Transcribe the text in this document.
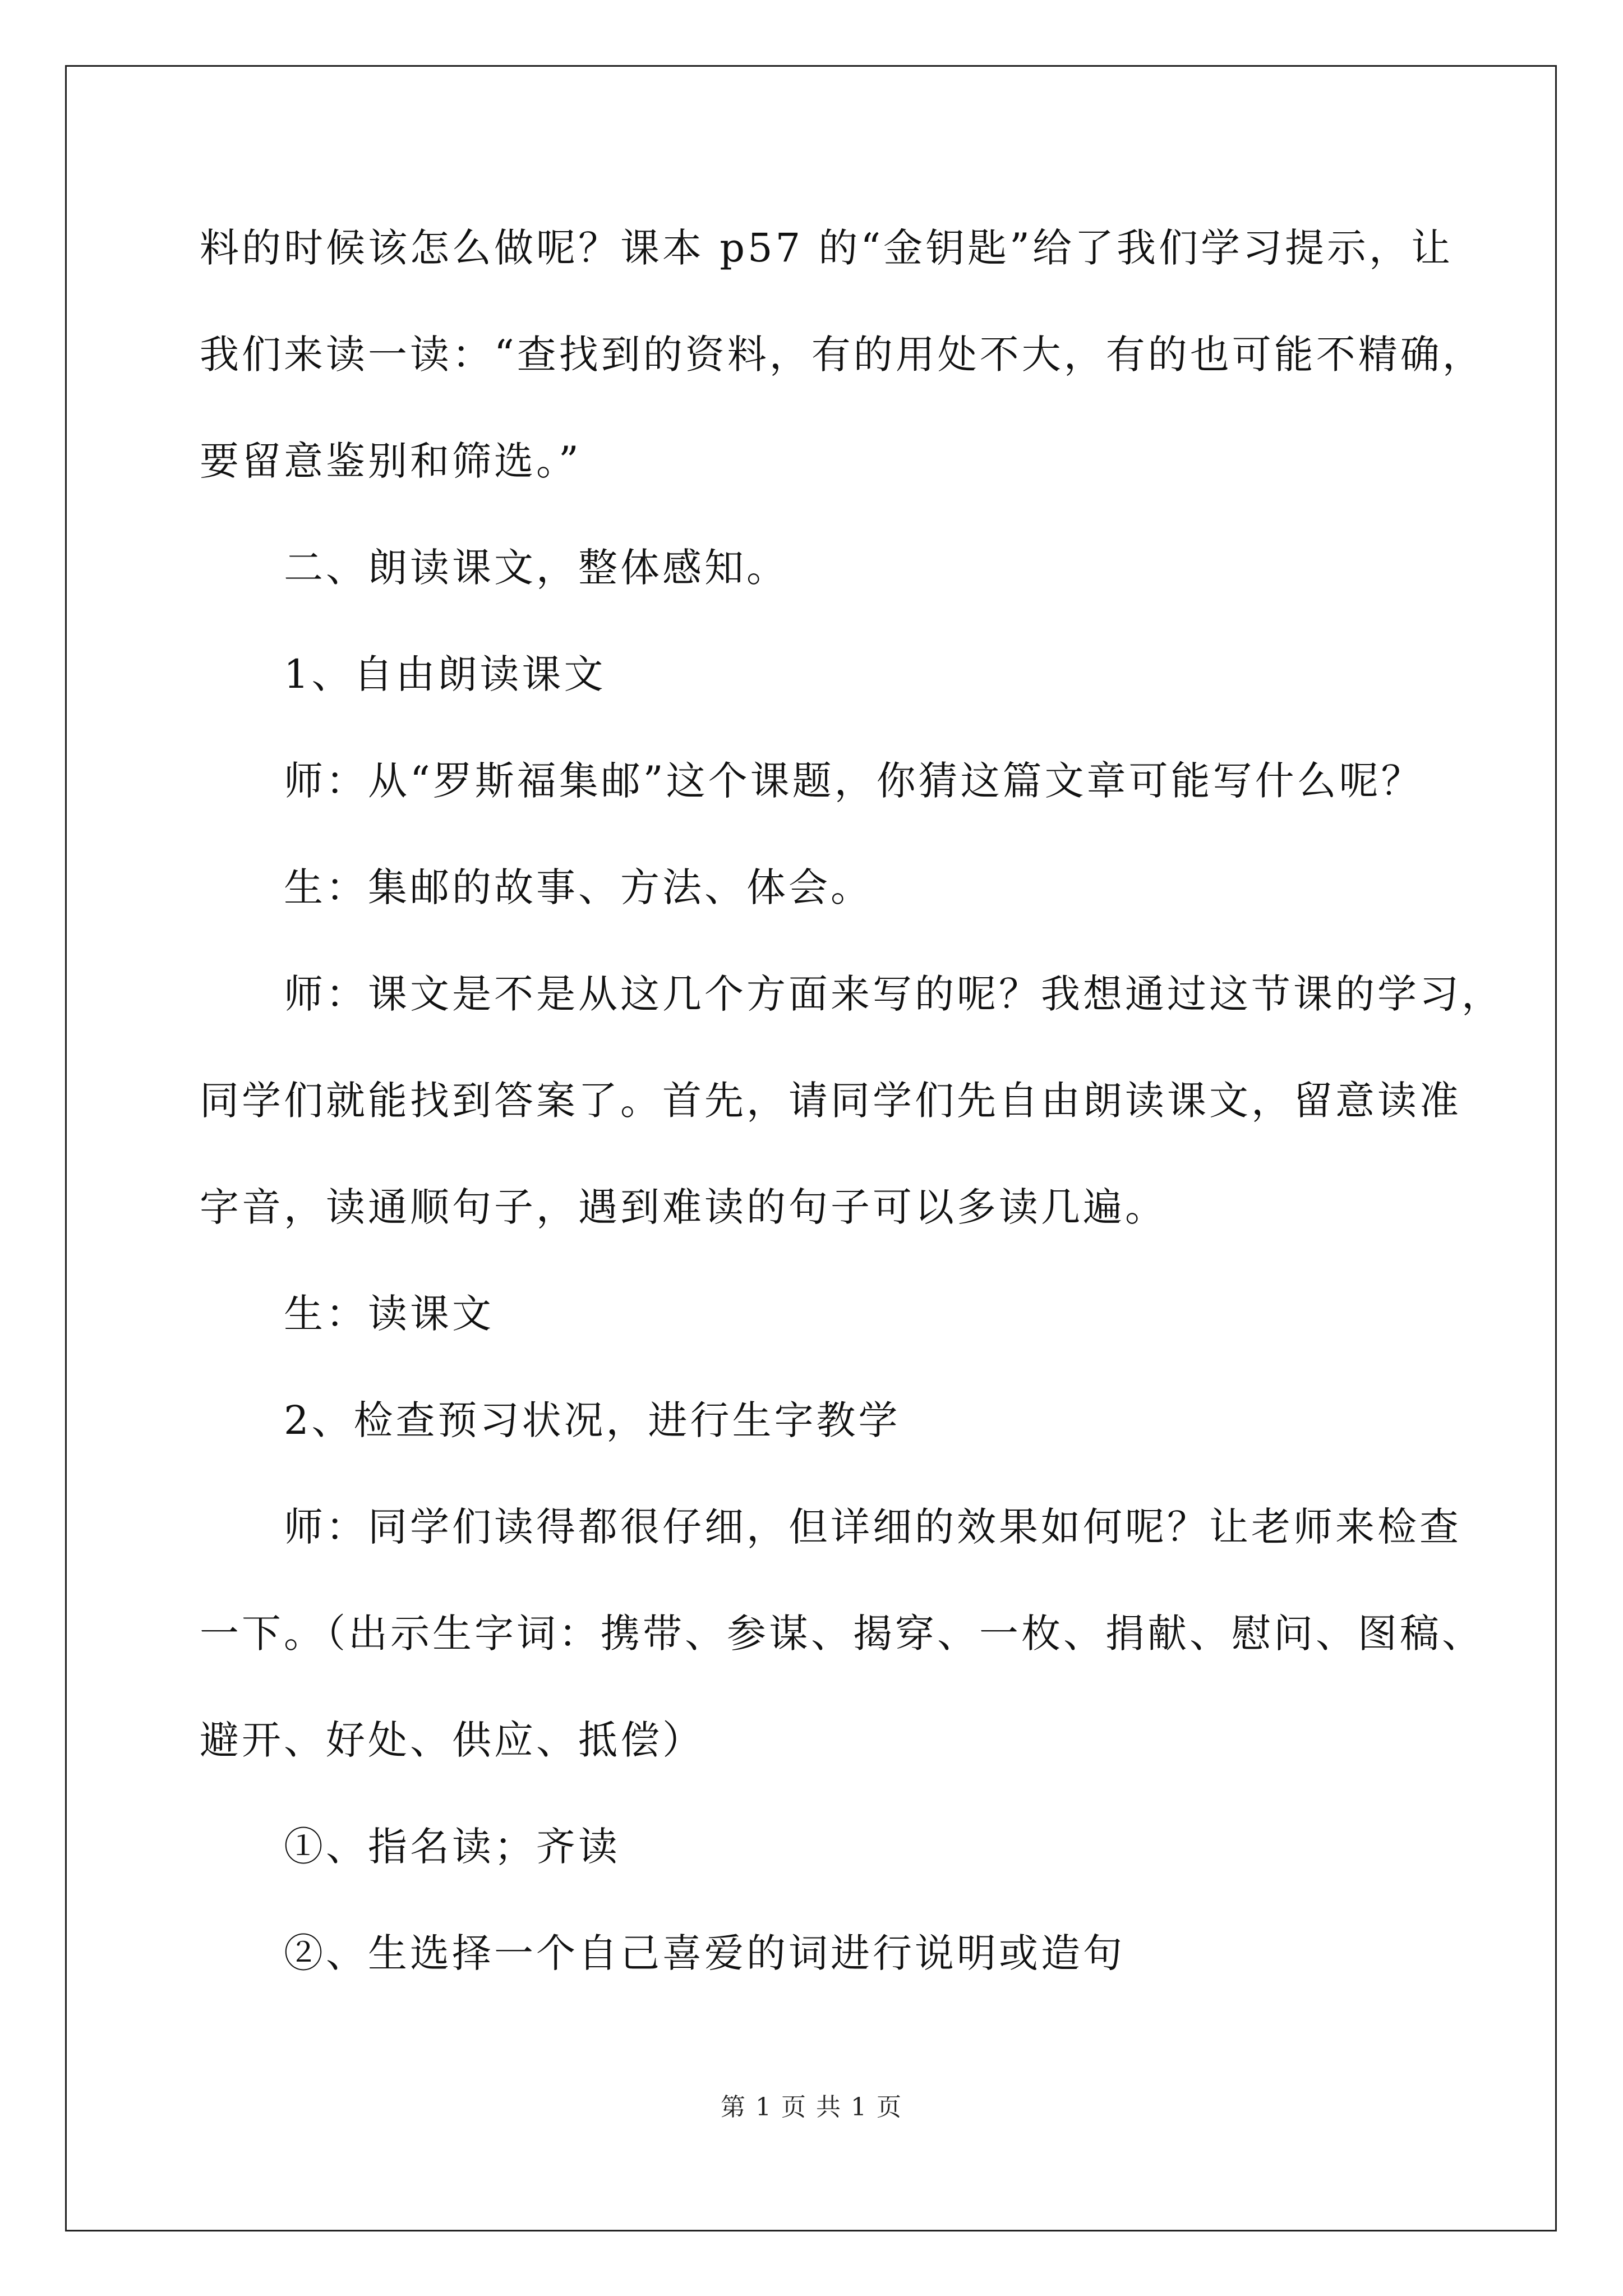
料的时候该怎么做呢？课本 p57 的“金钥匙”给了我们学习提示，让

我们来读一读：“查找到的资料，有的用处不大，有的也可能不精确，

要留意鉴别和筛选。”

二、朗读课文，整体感知。

1、自由朗读课文

师：从“罗斯福集邮”这个课题，你猜这篇文章可能写什么呢？

生：集邮的故事、方法、体会。

师：课文是不是从这几个方面来写的呢？我想通过这节课的学习，

同学们就能找到答案了。首先，请同学们先自由朗读课文，留意读准

字音，读通顺句子，遇到难读的句子可以多读几遍。

生：读课文

2、检查预习状况，进行生字教学

师：同学们读得都很仔细，但详细的效果如何呢？让老师来检查

一下。（出示生字词：携带、参谋、揭穿、一枚、捐献、慰问、图稿、

避开、好处、供应、抵偿）

①、指名读；齐读

②、生选择一个自己喜爱的词进行说明或造句

第 1 页 共 1 页
